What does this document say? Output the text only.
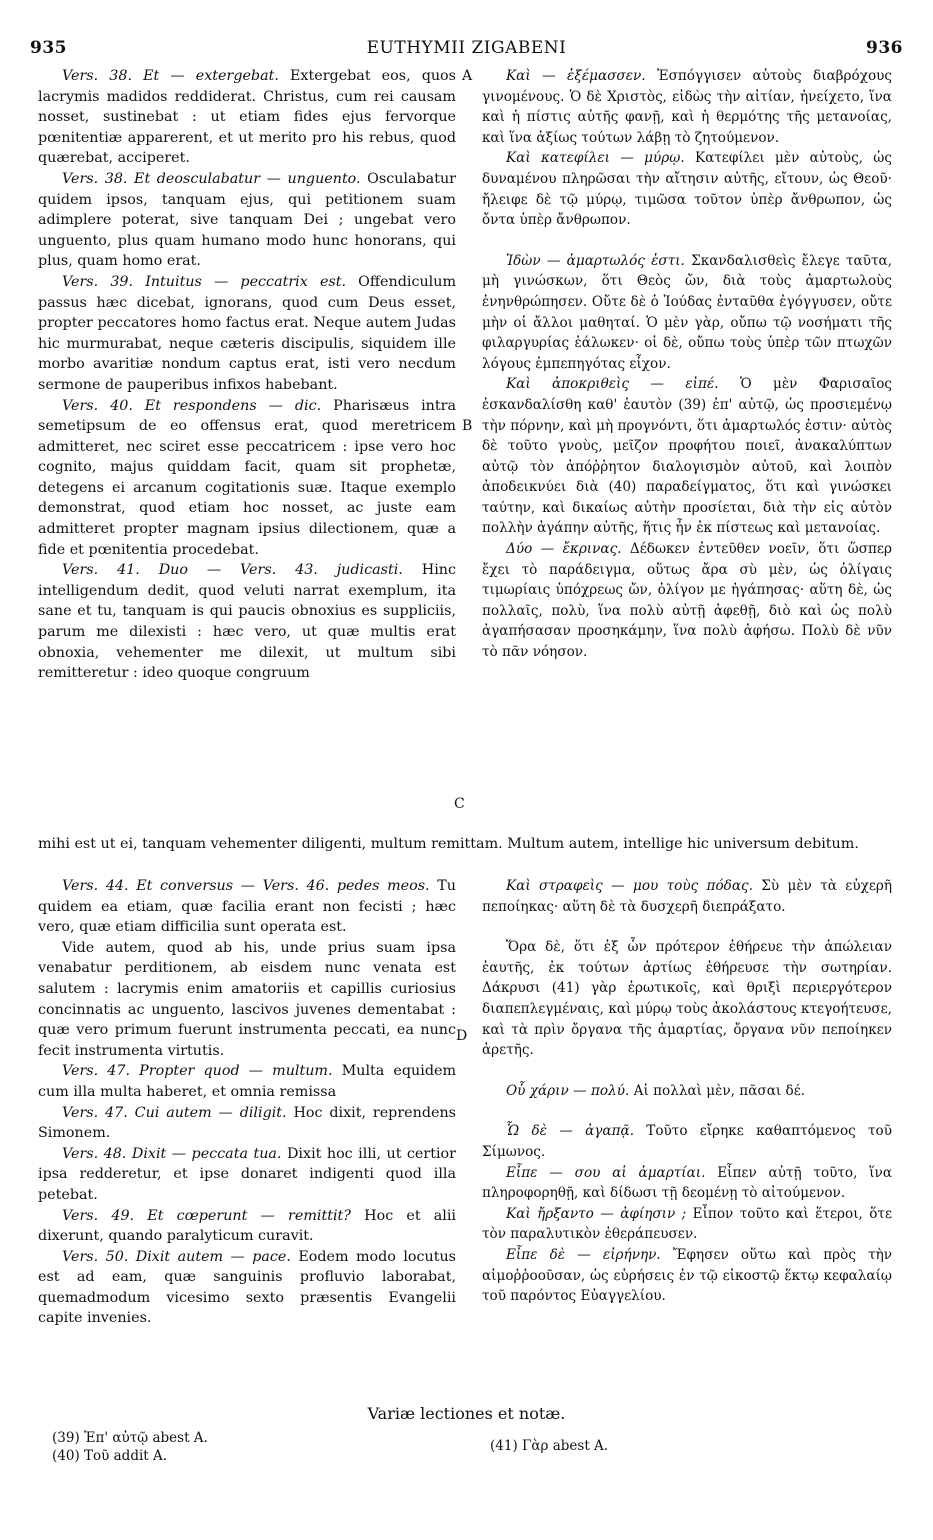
935	EUTHYMII ZIGABENI	936
A
B
C
D

Vers. 38. Et — extergebat. Extergebat eos, quos lacrymis madidos reddiderat. Christus, cum rei causam nosset, sustinebat : ut etiam fides ejus fervorque pœnitentiæ apparerent, et ut merito pro his rebus, quod quærebat, acciperet.

Vers. 38. Et deosculabatur — unguento. Osculabatur quidem ipsos, tanquam ejus, qui petitionem suam adimplere poterat, sive tanquam Dei ; ungebat vero unguento, plus quam humano modo hunc honorans, qui plus, quam homo erat.

Vers. 39. Intuitus — peccatrix est. Offendiculum passus hæc dicebat, ignorans, quod cum Deus esset, propter peccatores homo factus erat. Neque autem Judas hic murmurabat, neque cæteris discipulis, siquidem ille morbo avaritiæ nondum captus erat, isti vero necdum sermone de pauperibus infixos habebant.

Vers. 40. Et respondens — dic. Pharisæus intra semetipsum de eo offensus erat, quod meretricem admitteret, nec sciret esse peccatricem : ipse vero hoc cognito, majus quiddam facit, quam sit prophetæ, detegens ei arcanum cogitationis suæ. Itaque exemplo demonstrat, quod etiam hoc nosset, ac juste eam admitteret propter magnam ipsius dilectionem, quæ a fide et pœnitentia procedebat.

Vers. 41. Duo — Vers. 43. judicasti. Hinc intelligendum dedit, quod veluti narrat exemplum, ita sane et tu, tanquam is qui paucis obnoxius es suppliciis, parum me dilexisti : hæc vero, ut quæ multis erat obnoxia, vehementer me dilexit, ut multum sibi remitteretur : ideo quoque congruum

Καὶ — ἐξέμασσεν. Ἐσπόγγισεν αὐτοὺς διαβρόχους γινομένους. Ὁ δὲ Χριστὸς, εἰδὼς τὴν αἰτίαν, ἠνείχετο, ἵνα καὶ ἡ πίστις αὐτῆς φανῇ, καὶ ἡ θερμότης τῆς μετανοίας, καὶ ἵνα ἀξίως τούτων λάβῃ τὸ ζητούμενον.

Καὶ κατεφίλει — μύρῳ. Κατεφίλει μὲν αὐτοὺς, ὡς δυναμένου πληρῶσαι τὴν αἴτησιν αὐτῆς, εἴτουν, ὡς Θεοῦ· ἤλειφε δὲ τῷ μύρῳ, τιμῶσα τοῦτον ὑπὲρ ἄνθρωπον, ὡς ὄντα ὑπὲρ ἄνθρωπον.

Ἰδὼν — ἁμαρτωλός ἐστι. Σκανδαλισθεὶς ἔλεγε ταῦτα, μὴ γινώσκων, ὅτι Θεὸς ὤν, διὰ τοὺς ἁμαρτωλοὺς ἐνηνθρώπησεν. Οὔτε δὲ ὁ Ἰούδας ἐνταῦθα ἐγόγγυσεν, οὔτε μὴν οἱ ἄλλοι μαθηταί. Ὁ μὲν γὰρ, οὔπω τῷ νοσήματι τῆς φιλαργυρίας ἑάλωκεν· οἱ δὲ, οὔπω τοὺς ὑπὲρ τῶν πτωχῶν λόγους ἐμπεπηγότας εἶχον.

Καὶ ἀποκριθεὶς — εἰπέ. Ὁ μὲν Φαρισαῖος ἐσκανδαλίσθη καθ' ἑαυτὸν (39) ἐπ' αὐτῷ, ὡς προσιεμένῳ τὴν πόρνην, καὶ μὴ προγνόντι, ὅτι ἁμαρτωλός ἐστιν· αὐτὸς δὲ τοῦτο γνοὺς, μεῖζον προφήτου ποιεῖ, ἀνακαλύπτων αὐτῷ τὸν ἀπόῤῥητον διαλογισμὸν αὐτοῦ, καὶ λοιπὸν ἀποδεικνύει διὰ (40) παραδείγματος, ὅτι καὶ γινώσκει ταύτην, καὶ δικαίως αὐτὴν προσίεται, διὰ τὴν εἰς αὐτὸν πολλὴν ἀγάπην αὐτῆς, ἥτις ἦν ἐκ πίστεως καὶ μετανοίας.

Δύο — ἔκρινας. Δέδωκεν ἐντεῦθεν νοεῖν, ὅτι ὥσπερ ἔχει τὸ παράδειγμα, οὕτως ἄρα σὺ μὲν, ὡς ὀλίγαις τιμωρίαις ὑπόχρεως ὤν, ὀλίγον με ἠγάπησας· αὕτη δὲ, ὡς πολλαῖς, πολὺ, ἵνα πολὺ αὐτῇ ἀφεθῇ, διὸ καὶ ὡς πολὺ ἀγαπήσασαν προσηκάμην, ἵνα πολὺ ἀφήσω. Πολὺ δὲ νῦν τὸ πᾶν νόησον.

mihi est ut ei, tanquam vehementer diligenti, multum remittam. Multum autem, intellige hic universum debitum.

Vers. 44. Et conversus — Vers. 46. pedes meos. Tu quidem ea etiam, quæ facilia erant non fecisti ; hæc vero, quæ etiam difficilia sunt operata est.

Vide autem, quod ab his, unde prius suam ipsa venabatur perditionem, ab eisdem nunc venata est salutem : lacrymis enim amatoriis et capillis curiosius concinnatis ac unguento, lascivos juvenes dementabat : quæ vero primum fuerunt instrumenta peccati, ea nunc fecit instrumenta virtutis.

Vers. 47. Propter quod — multum. Multa equidem cum illa multa haberet, et omnia remissa

Vers. 47. Cui autem — diligit. Hoc dixit, reprendens Simonem.

Vers. 48. Dixit — peccata tua. Dixit hoc illi, ut certior ipsa redderetur, et ipse donaret indigenti quod illa petebat.

Vers. 49. Et cœperunt — remittit? Hoc et alii dixerunt, quando paralyticum curavit.

Vers. 50. Dixit autem — pace. Eodem modo locutus est ad eam, quæ sanguinis profluvio laborabat, quemadmodum vicesimo sexto præsentis Evangelii capite invenies.

Καὶ στραφεὶς — μου τοὺς πόδας. Σὺ μὲν τὰ εὐχερῆ πεποίηκας· αὕτη δὲ τὰ δυσχερῆ διεπράξατο.

Ὅρα δὲ, ὅτι ἐξ ὧν πρότερον ἐθήρευε τὴν ἀπώλειαν ἑαυτῆς, ἐκ τούτων ἀρτίως ἐθήρευσε τὴν σωτηρίαν. Δάκρυσι (41) γὰρ ἐρωτικοῖς, καὶ θριξὶ περιεργότερον διαπεπλεγμέναις, καὶ μύρῳ τοὺς ἀκολάστους κτεγοήτευσε, καὶ τὰ πρὶν ὄργανα τῆς ἁμαρτίας, ὄργανα νῦν πεποίηκεν ἀρετῆς.

Οὗ χάριν — πολύ. Αἱ πολλαὶ μὲν, πᾶσαι δέ.

Ὧ δὲ — ἀγαπᾷ. Τοῦτο εἴρηκε καθαπτόμενος τοῦ Σίμωνος.

Εἶπε — σου αἱ ἁμαρτίαι. Εἶπεν αὐτῇ τοῦτο, ἵνα πληροφορηθῇ, καὶ δίδωσι τῇ δεομένῃ τὸ αἰτούμενον.

Καὶ ἤρξαντο — ἀφίησιν ; Εἶπον τοῦτο καὶ ἕτεροι, ὅτε τὸν παραλυτικὸν ἐθεράπευσεν.

Εἶπε δὲ — εἰρήνην. Ἔφησεν οὕτω καὶ πρὸς τὴν αἱμοῤῥοοῦσαν, ὡς εὑρήσεις ἐν τῷ εἰκοστῷ ἕκτῳ κεφαλαίῳ τοῦ παρόντος Εὐαγγελίου.

Variæ lectiones et notæ.
(39) Ἐπ' αὐτῷ abest A.
(40) Τοῦ addit A.
(41) Γὰρ abest A.
